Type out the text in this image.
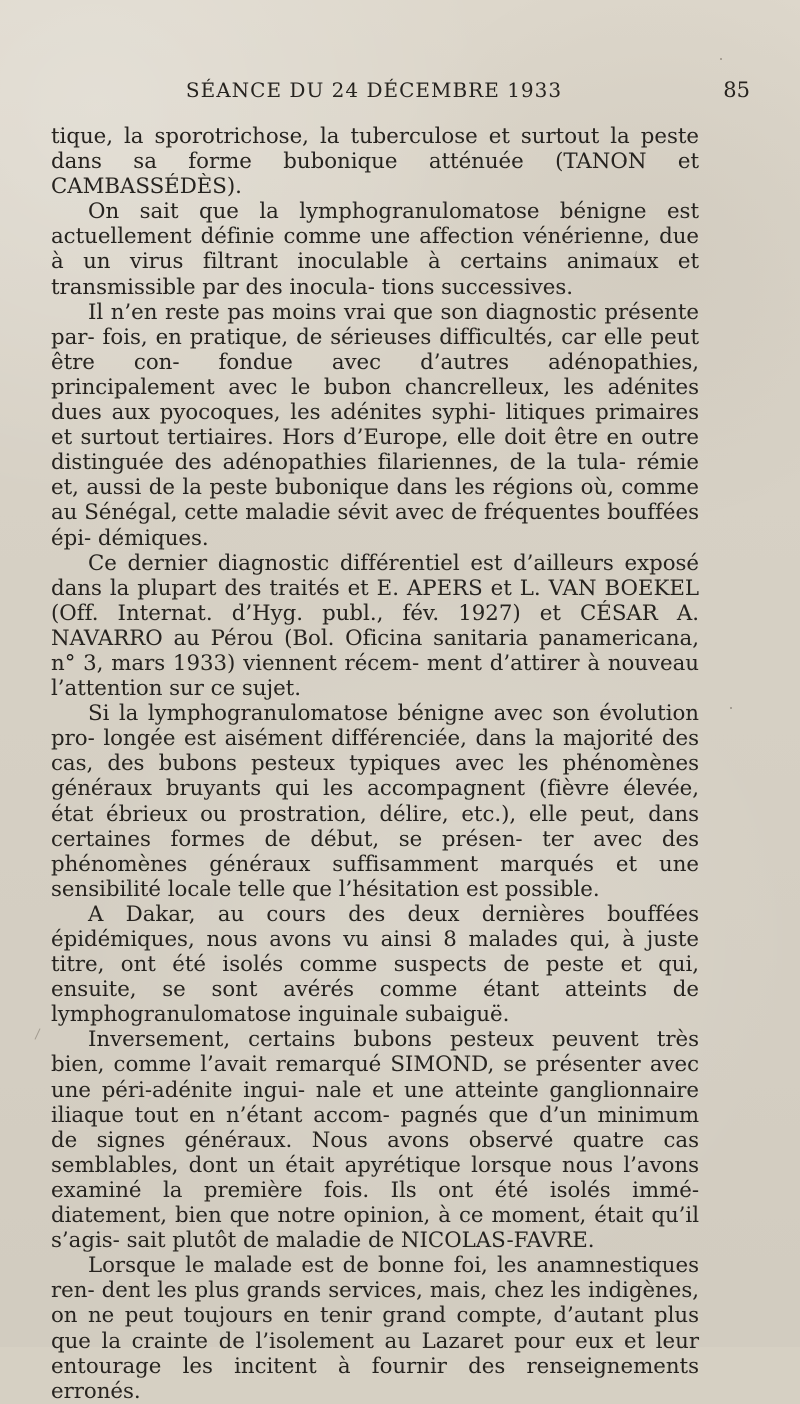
SÉANCE DU 24 DÉCEMBRE 1933	85

tique, la sporotrichose, la tuberculose et surtout la peste dans sa forme bubonique atténuée (TANON et CAMBASSÉDÈS).

On sait que la lymphogranulomatose bénigne est actuellement définie comme une affection vénérienne, due à un virus filtrant inoculable à certains animaux et transmissible par des inocula- tions successives.

Il n’en reste pas moins vrai que son diagnostic présente par- fois, en pratique, de sérieuses difficultés, car elle peut être con- fondue avec d’autres adénopathies, principalement avec le bubon chancrelleux, les adénites dues aux pyocoques, les adénites syphi- litiques primaires et surtout tertiaires. Hors d’Europe, elle doit être en outre distinguée des adénopathies filariennes, de la tula- rémie et, aussi de la peste bubonique dans les régions où, comme au Sénégal, cette maladie sévit avec de fréquentes bouffées épi- démiques.

Ce dernier diagnostic différentiel est d’ailleurs exposé dans la plupart des traités et E. APERS et L. VAN BOEKEL (Off. Internat. d’Hyg. publ., fév. 1927) et CÉSAR A. NAVARRO au Pérou (Bol. Oficina sanitaria panamericana, n° 3, mars 1933) viennent récem- ment d’attirer à nouveau l’attention sur ce sujet.

Si la lymphogranulomatose bénigne avec son évolution pro- longée est aisément différenciée, dans la majorité des cas, des bubons pesteux typiques avec les phénomènes généraux bruyants qui les accompagnent (fièvre élevée, état ébrieux ou prostration, délire, etc.), elle peut, dans certaines formes de début, se présen- ter avec des phénomènes généraux suffisamment marqués et une sensibilité locale telle que l’hésitation est possible.

A Dakar, au cours des deux dernières bouffées épidémiques, nous avons vu ainsi 8 malades qui, à juste titre, ont été isolés comme suspects de peste et qui, ensuite, se sont avérés comme étant atteints de lymphogranulomatose inguinale subaiguë.

Inversement, certains bubons pesteux peuvent très bien, comme l’avait remarqué SIMOND, se présenter avec une péri-adénite ingui- nale et une atteinte ganglionnaire iliaque tout en n’étant accom- pagnés que d’un minimum de signes généraux. Nous avons observé quatre cas semblables, dont un était apyrétique lorsque nous l’avons examiné la première fois. Ils ont été isolés immé- diatement, bien que notre opinion, à ce moment, était qu’il s’agis- sait plutôt de maladie de NICOLAS-FAVRE.

Lorsque le malade est de bonne foi, les anamnestiques ren- dent les plus grands services, mais, chez les indigènes, on ne peut toujours en tenir grand compte, d’autant plus que la crainte de l’isolement au Lazaret pour eux et leur entourage les incitent à fournir des renseignements erronés.
